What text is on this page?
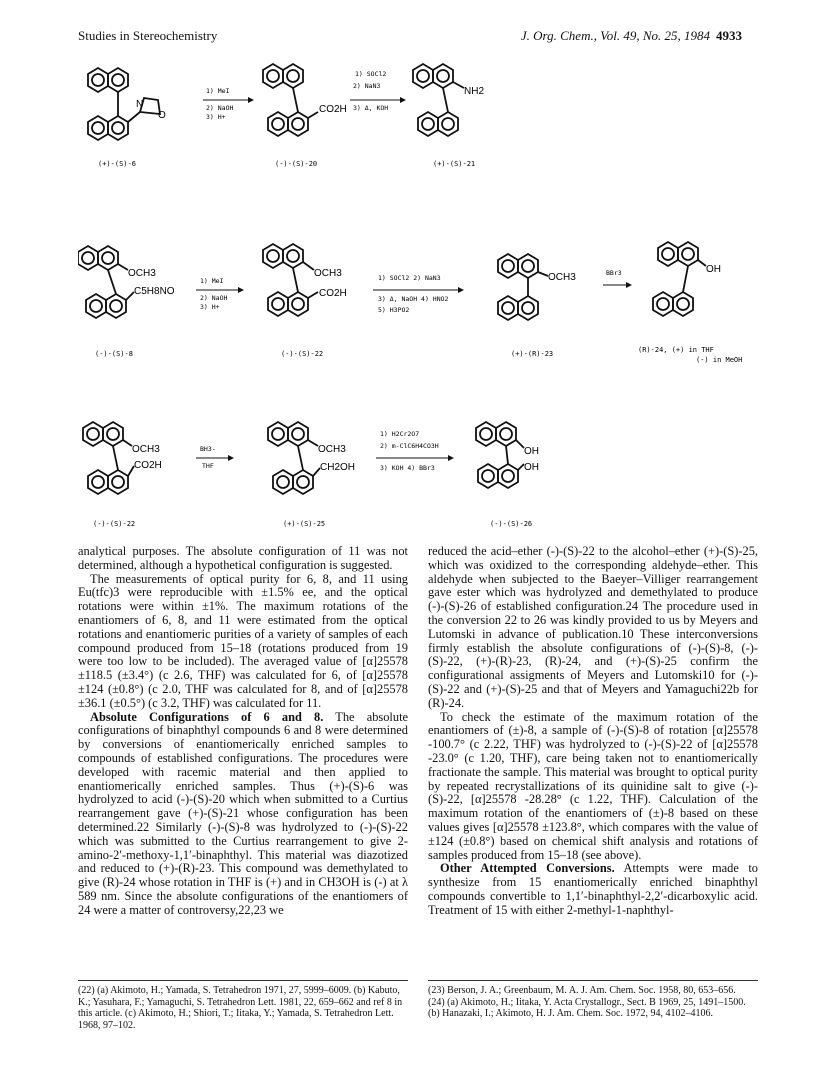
Studies in Stereochemistry	J. Org. Chem., Vol. 49, No. 25, 1984 4933
N
O
(+)-(S)-6
1) MeI
2) NaOH
3) H+
CO2H
(-)-(S)-20
1) SOCl2
2) NaN3
3) Δ, KOH
NH2
(+)-(S)-21
OCH3
C5H8NO
(-)-(S)-8
1) MeI
2) NaOH
3) H+
OCH3
CO2H
(-)-(S)-22
1) SOCl2 2) NaN3
3) Δ, NaOH 4) HNO2
5) H3PO2
OCH3
(+)-(R)-23
BBr3	OH
(R)-24, (+) in THF
(-) in MeOH
OCH3
CO2H
(-)-(S)-22
BH3-
THF
OCH3
CH2OH
(+)-(S)-25
1) H2Cr2O7
2) m-ClC6H4CO3H
3) KOH 4) BBr3
OH
OH
(-)-(S)-26

analytical purposes. The absolute configuration of 11 was not determined, although a hypothetical configuration is suggested.

The measurements of optical purity for 6, 8, and 11 using Eu(tfc)3 were reproducible with ±1.5% ee, and the optical rotations were within ±1%. The maximum rotations of the enantiomers of 6, 8, and 11 were estimated from the optical rotations and enantiomeric purities of a variety of samples of each compound produced from 15–18 (rotations produced from 19 were too low to be included). The averaged value of [α]25578 ±118.5 (±3.4°) (c 2.6, THF) was calculated for 6, of [α]25578 ±124 (±0.8°) (c 2.0, THF was calculated for 8, and of [α]25578 ±36.1 (±0.5°) (c 3.2, THF) was calculated for 11.

Absolute Configurations of 6 and 8. The absolute configurations of binaphthyl compounds 6 and 8 were determined by conversions of enantiomerically enriched samples to compounds of established configurations. The procedures were developed with racemic material and then applied to enantiomerically enriched samples. Thus (+)-(S)-6 was hydrolyzed to acid (-)-(S)-20 which when submitted to a Curtius rearrangement gave (+)-(S)-21 whose configuration has been determined.22 Similarly (-)-(S)-8 was hydrolyzed to (-)-(S)-22 which was submitted to the Curtius rearrangement to give 2-amino-2′-methoxy-1,1′-binaphthyl. This material was diazotized and reduced to (+)-(R)-23. This compound was demethylated to give (R)-24 whose rotation in THF is (+) and in CH3OH is (-) at λ 589 nm. Since the absolute configurations of the enantiomers of 24 were a matter of controversy,22,23 we

reduced the acid–ether (-)-(S)-22 to the alcohol–ether (+)-(S)-25, which was oxidized to the corresponding aldehyde–ether. This aldehyde when subjected to the Baeyer–Villiger rearrangement gave ester which was hydrolyzed and demethylated to produce (-)-(S)-26 of established configuration.24 The procedure used in the conversion 22 to 26 was kindly provided to us by Meyers and Lutomski in advance of publication.10 These interconversions firmly establish the absolute configurations of (-)-(S)-8, (-)-(S)-22, (+)-(R)-23, (R)-24, and (+)-(S)-25 confirm the configurational assigments of Meyers and Lutomski10 for (-)-(S)-22 and (+)-(S)-25 and that of Meyers and Yamaguchi22b for (R)-24.

To check the estimate of the maximum rotation of the enantiomers of (±)-8, a sample of (-)-(S)-8 of rotation [α]25578 -100.7° (c 2.22, THF) was hydrolyzed to (-)-(S)-22 of [α]25578 -23.0° (c 1.20, THF), care being taken not to enantiomerically fractionate the sample. This material was brought to optical purity by repeated recrystallizations of its quinidine salt to give (-)-(S)-22, [α]25578 -28.28° (c 1.22, THF). Calculation of the maximum rotation of the enantiomers of (±)-8 based on these values gives [α]25578 ±123.8°, which compares with the value of ±124 (±0.8°) based on chemical shift analysis and rotations of samples produced from 15–18 (see above).

Other Attempted Conversions. Attempts were made to synthesize from 15 enantiomerically enriched binaphthyl compounds convertible to 1,1′-binaphthyl-2,2′-dicarboxylic acid. Treatment of 15 with either 2-methyl-1-naphthyl-

(22) (a) Akimoto, H.; Yamada, S. Tetrahedron 1971, 27, 5999–6009. (b) Kabuto, K.; Yasuhara, F.; Yamaguchi, S. Tetrahedron Lett. 1981, 22, 659–662 and ref 8 in this article. (c) Akimoto, H.; Shiori, T.; Iitaka, Y.; Yamada, S. Tetrahedron Lett. 1968, 97–102.

(23) Berson, J. A.; Greenbaum, M. A. J. Am. Chem. Soc. 1958, 80, 653–656.

(24) (a) Akimoto, H.; Iitaka, Y. Acta Crystallogr., Sect. B 1969, 25, 1491–1500. (b) Hanazaki, I.; Akimoto, H. J. Am. Chem. Soc. 1972, 94, 4102–4106.
